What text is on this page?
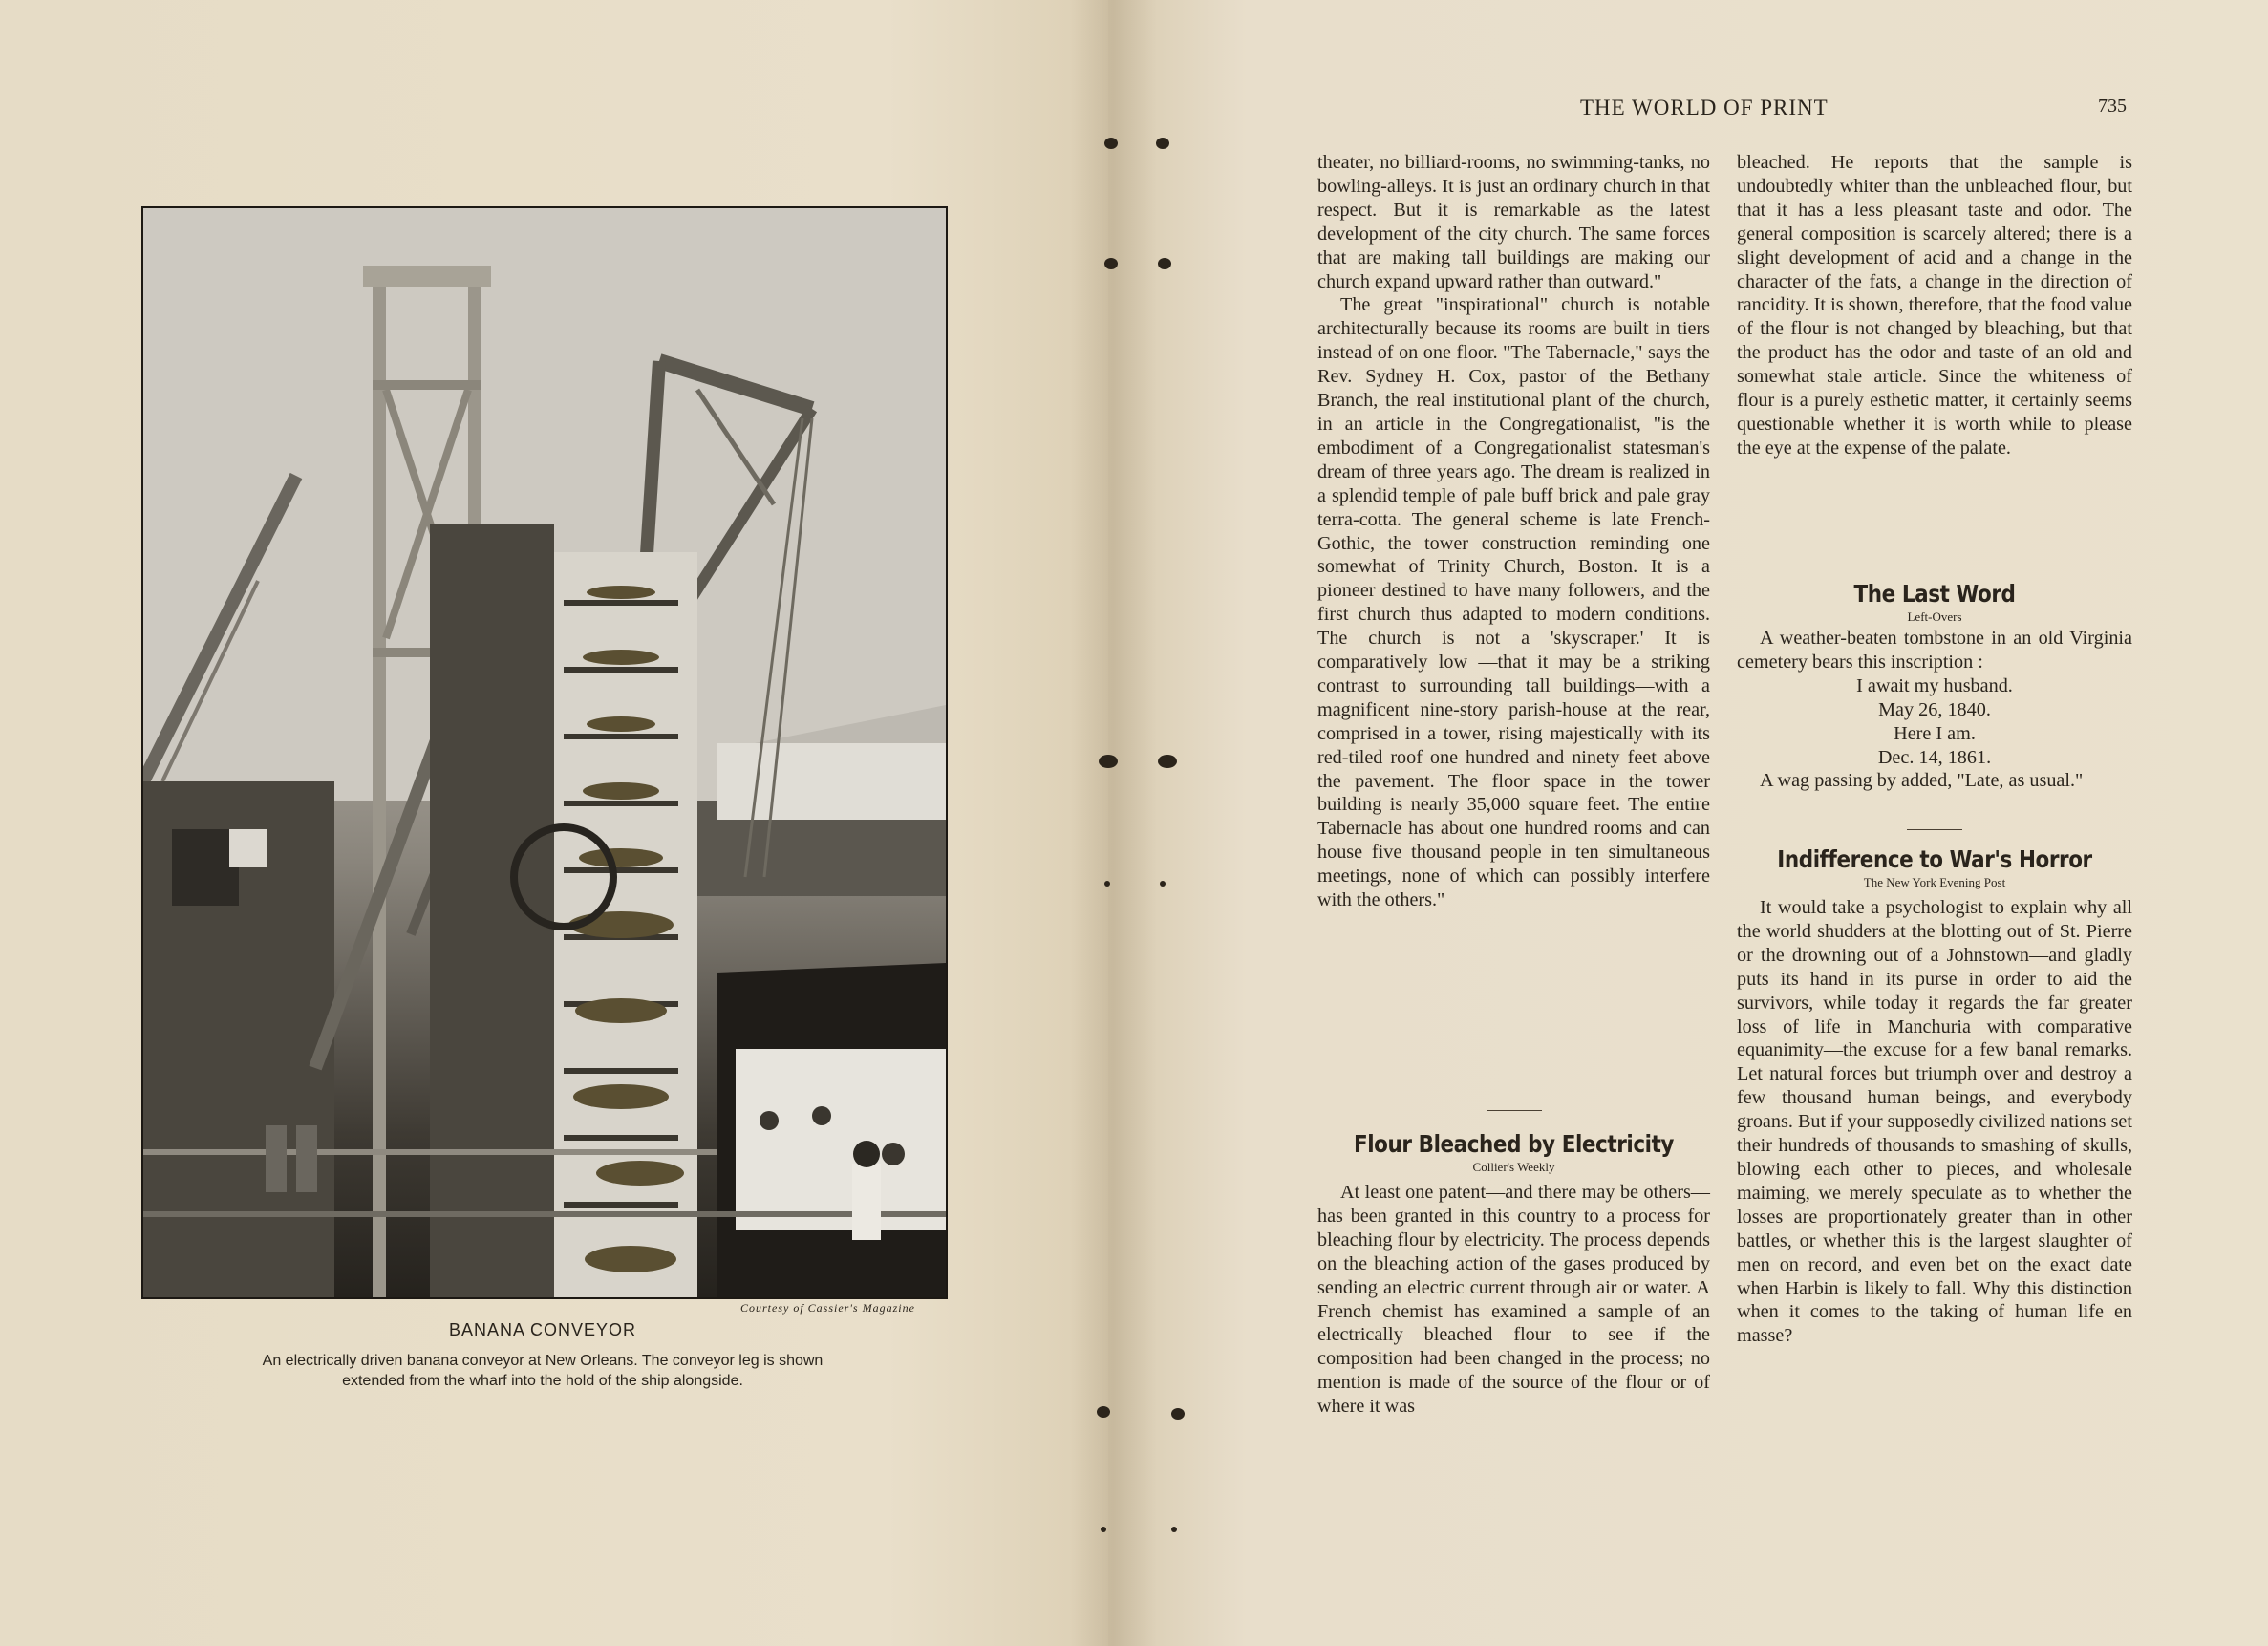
THE WORLD OF PRINT	735
Courtesy of Cassier's Magazine
BANANA CONVEYOR
An electrically driven banana conveyor at New Orleans. The conveyor leg is shown
extended from the wharf into the hold of the ship alongside.

theater, no billiard-rooms, no swimming-tanks, no bowling-alleys. It is just an ordinary church in that respect. But it is remarkable as the latest development of the city church. The same forces that are making tall buildings are making our church expand upward rather than outward."

The great "inspirational" church is notable architecturally because its rooms are built in tiers instead of on one floor. "The Tabernacle," says the Rev. Sydney H. Cox, pastor of the Bethany Branch, the real institutional plant of the church, in an article in the Congregationalist, "is the embodiment of a Congregationalist statesman's dream of three years ago. The dream is realized in a splendid temple of pale buff brick and pale gray terra-cotta. The general scheme is late French-Gothic, the tower construction reminding one somewhat of Trinity Church, Boston. It is a pioneer destined to have many followers, and the first church thus adapted to modern conditions. The church is not a 'skyscraper.' It is comparatively low —that it may be a striking contrast to surrounding tall buildings—with a magnificent nine-story parish-house at the rear, comprised in a tower, rising majestically with its red-tiled roof one hundred and ninety feet above the pavement. The floor space in the tower building is nearly 35,000 square feet. The entire Tabernacle has about one hundred rooms and can house five thousand people in ten simultaneous meetings, none of which can possibly interfere with the others."

Flour Bleached by Electricity
Collier's Weekly

At least one patent—and there may be others—has been granted in this country to a process for bleaching flour by electricity. The process depends on the bleaching action of the gases produced by sending an electric current through air or water. A French chemist has examined a sample of an electrically bleached flour to see if the composition had been changed in the process; no mention is made of the source of the flour or of where it was

bleached. He reports that the sample is undoubtedly whiter than the unbleached flour, but that it has a less pleasant taste and odor. The general composition is scarcely altered; there is a slight development of acid and a change in the character of the fats, a change in the direction of rancidity. It is shown, therefore, that the food value of the flour is not changed by bleaching, but that the product has the odor and taste of an old and somewhat stale article. Since the whiteness of flour is a purely esthetic matter, it certainly seems questionable whether it is worth while to please the eye at the expense of the palate.

The Last Word
Left-Overs

A weather-beaten tombstone in an old Virginia cemetery bears this inscription :

I await my husband.

May 26, 1840.

Here I am.

Dec. 14, 1861.

A wag passing by added, "Late, as usual."

Indifference to War's Horror
The New York Evening Post

It would take a psychologist to explain why all the world shudders at the blotting out of St. Pierre or the drowning out of a Johnstown—and gladly puts its hand in its purse in order to aid the survivors, while today it regards the far greater loss of life in Manchuria with comparative equanimity—the excuse for a few banal remarks. Let natural forces but triumph over and destroy a few thousand human beings, and everybody groans. But if your supposedly civilized nations set their hundreds of thousands to smashing of skulls, blowing each other to pieces, and wholesale maiming, we merely speculate as to whether the losses are proportionately greater than in other battles, or whether this is the largest slaughter of men on record, and even bet on the exact date when Harbin is likely to fall. Why this distinction when it comes to the taking of human life en masse?
